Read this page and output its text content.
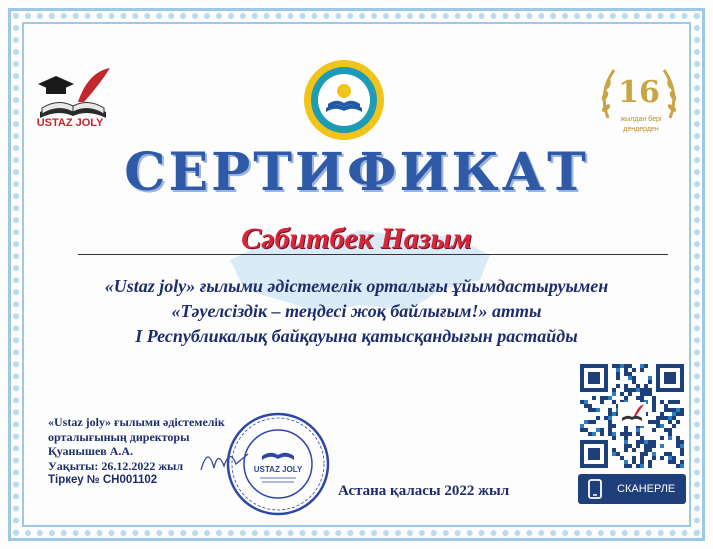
USTAZ JOLY
16
жылдан бері
дендерден
СЕРТИФИКАТ
Сәбитбек Назым
«Ustaz joly» ғылыми әдістемелік орталығы ұйымдастыруымен
«Тәуелсіздік – теңдесі жоқ байлығым!» атты
І Республикалық байқауына қатысқандығын растайды
«Ustaz joly» ғылыми әдістемелік
орталығының директоры
Қуанышев А.А.
Уақыты: 26.12.2022 жыл
Тіркеу № СН001102
USTAZ JOLY
Астана қаласы 2022 жыл	СКАНЕРЛЕ
